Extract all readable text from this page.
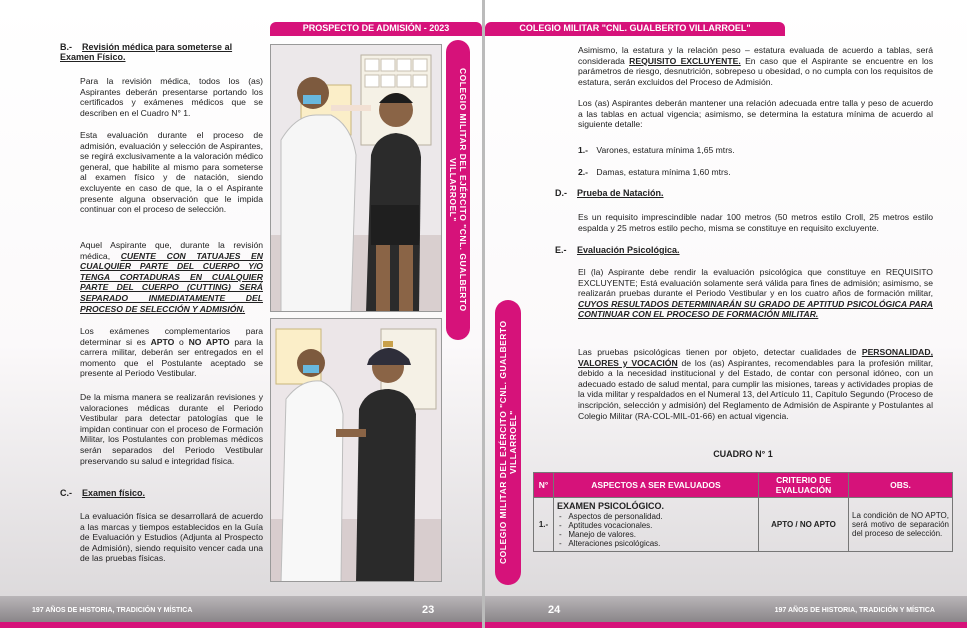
PROSPECTO DE ADMISIÓN - 2023
B.- Revisión médica para someterse al Examen Físico.
Para la revisión médica, todos los (as) Aspirantes deberán presentarse portando los certificados y exámenes médicos que se describen en el Cuadro N° 1.
Esta evaluación durante el proceso de admisión, evaluación y selección de Aspirantes, se regirá exclusivamente a la valoración médico general, que habilite al mismo para someterse al examen físico y de natación, siendo excluyente en caso de que, la o el Aspirante presente alguna observación que le impida continuar con el proceso de selección.
Aquel Aspirante que, durante la revisión médica, CUENTE CON TATUAJES EN CUALQUIER PARTE DEL CUERPO Y/O TENGA CORTADURAS EN CUALQUIER PARTE DEL CUERPO (CUTTING) SERÁ SEPARADO INMEDIATAMENTE DEL PROCESO DE SELECCIÓN Y ADMISIÓN.
Los exámenes complementarios para determinar si es APTO o NO APTO para la carrera militar, deberán ser entregados en el momento que el Postulante aceptado se presente al Periodo Vestibular.
De la misma manera se realizarán revisiones y valoraciones médicas durante el Periodo Vestibular para detectar patologías que le impidan continuar con el proceso de Formación Militar, los Postulantes con problemas médicos serán separados del Periodo Vestibular preservando su salud e integridad física.
C.- Examen físico.
La evaluación física se desarrollará de acuerdo a las marcas y tiempos establecidos en la Guía de Evaluación y Estudios (Adjunta al Prospecto de Admisión), siendo requisito vencer cada una de las pruebas físicas.
COLEGIO MILITAR DEL EJÉRCITO "CNL. GUALBERTO VILLARROEL"
197 AÑOS DE HISTORIA, TRADICIÓN Y MÍSTICA	23
COLEGIO MILITAR "CNL. GUALBERTO VILLARROEL"
Asimismo, la estatura y la relación peso – estatura evaluada de acuerdo a tablas, será considerada REQUISITO EXCLUYENTE. En caso que el Aspirante se encuentre en los parámetros de riesgo, desnutrición, sobrepeso u obesidad, o no cumpla con los requisitos de estatura, serán excluidos del Proceso de Admisión.
Los (as) Aspirantes deberán mantener una relación adecuada entre talla y peso de acuerdo a las tablas en actual vigencia; asimismo, se determina la estatura mínima de acuerdo al siguiente detalle:
1.- Varones, estatura mínima 1,65 mtrs.
2.- Damas, estatura mínima 1,60 mtrs.
D.- Prueba de Natación.
Es un requisito imprescindible nadar 100 metros (50 metros estilo Croll, 25 metros estilo espalda y 25 metros estilo pecho, misma se constituye en requisito excluyente.
E.- Evaluación Psicológica.
El (la) Aspirante debe rendir la evaluación psicológica que constituye en REQUISITO EXCLUYENTE; Está evaluación solamente será válida para fines de admisión; asimismo, se realizarán pruebas durante el Periodo Vestibular y en los cuatro años de formación militar, CUYOS RESULTADOS DETERMINARÁN SU GRADO DE APTITUD PSICOLÓGICA PARA CONTINUAR CON EL PROCESO DE FORMACIÓN MILITAR.
Las pruebas psicológicas tienen por objeto, detectar cualidades de PERSONALIDAD, VALORES y VOCACIÓN de los (as) Aspirantes, recomendables para la profesión militar, debido a la necesidad institucional y del Estado, de contar con personal idóneo, con un adecuado estado de salud mental, para cumplir las misiones, tareas y actividades propias de la vida militar y respaldados en el Numeral 13, del Artículo 11, Capítulo Segundo (Proceso de inscripción, selección y admisión) del Reglamento de Admisión de Aspirante y Postulantes al Colegio Militar (RA-COL-MIL-01-66) en actual vigencia.
CUADRO N° 1
N°	ASPECTOS A SER EVALUADOS	CRITERIO DE EVALUACIÓN	OBS.
1.-	EXAMEN PSICOLÓGICO.
-   Aspectos de personalidad.
-   Aptitudes vocacionales.
-   Manejo de valores.
-   Alteraciones psicológicas.	APTO / NO APTO	La condición de NO APTO, será motivo de separación del proceso de selección.
COLEGIO MILITAR DEL EJÉRCITO "CNL. GUALBERTO VILLARROEL"
24	197 AÑOS DE HISTORIA, TRADICIÓN Y MÍSTICA
